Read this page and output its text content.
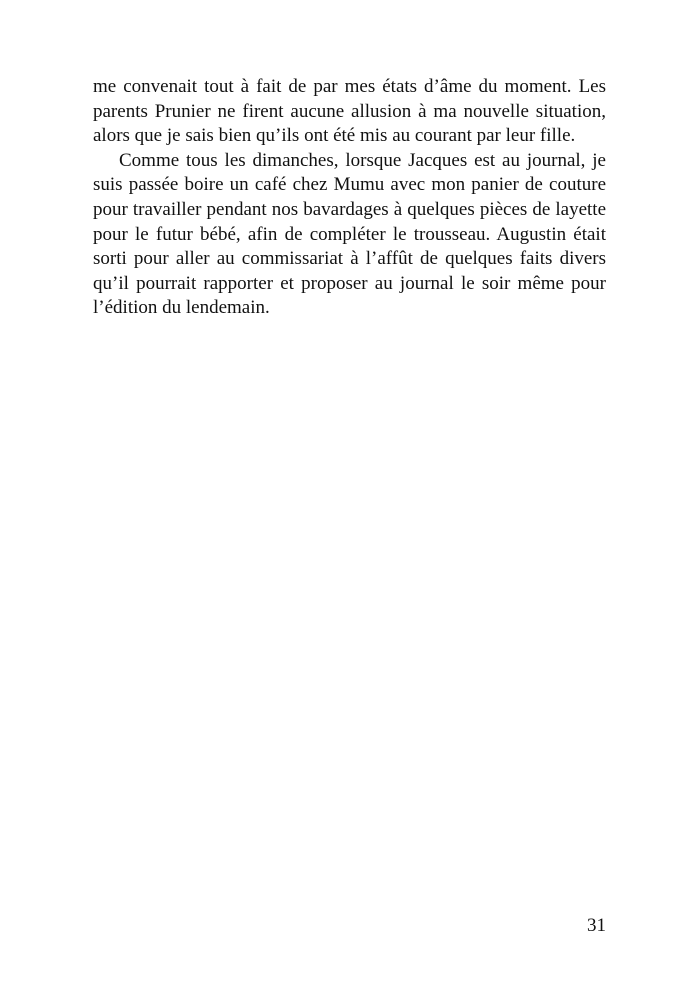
me convenait tout à fait de par mes états d’âme du moment. Les parents Prunier ne firent aucune allusion à ma nouvelle situation, alors que je sais bien qu’ils ont été mis au courant par leur fille.

Comme tous les dimanches, lorsque Jacques est au journal, je suis passée boire un café chez Mumu avec mon panier de couture pour travailler pendant nos bavardages à quelques pièces de layette pour le futur bébé, afin de compléter le trousseau. Augustin était sorti pour aller au commissariat à l’affût de quelques faits divers qu’il pourrait rapporter et proposer au journal le soir même pour l’édition du lendemain.

31
